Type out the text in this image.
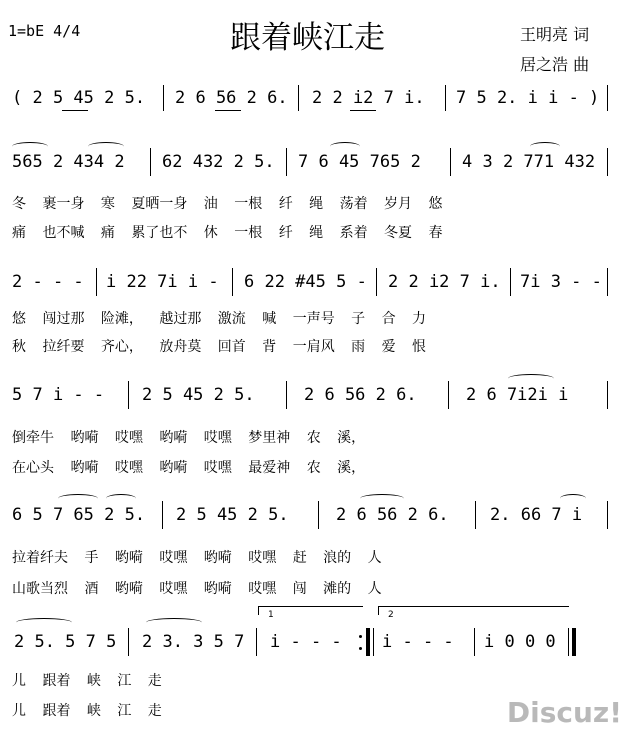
1=bE 4/4	跟着峡江走	王明亮 词
居之浩 曲
( 2 5 45 2 5. 2 6 56 2 6. 2 2 i2 7 i. 7 5 2. i i - )
565 2 434 2 62 432 2 5. 7 6 45 765 2 4 3 2 771 432
冬 裹一身 寒 夏晒一身 油 一根 纤 绳 荡着 岁月 悠
痛 也不喊 痛 累了也不 休 一根 纤 绳 系着 冬夏 春
2 - - - i 22 7i i - 6 22 #45 5 - 2 2 i2 7 i. 7i 3 - -
悠 闯过那 险滩， 越过那 激流 喊 一声号 子 合 力
秋 拉纤要 齐心， 放舟莫 回首 背 一肩风 雨 爱 恨
5 7 i - - 2 5 45 2 5.	2 6 56 2 6.	2 6 7i2i i
倒牵牛 哟嗬 哎嘿 哟嗬 哎嘿 梦里神 农 溪，
在心头 哟嗬 哎嘿 哟嗬 哎嘿 最爱神 农 溪，
6 5 7 65 2 5. 2 5 45 2 5.	2 6 56 2 6. 2. 66 7 i
拉着纤夫 手 哟嗬 哎嘿 哟嗬 哎嘿 赶 浪的 人
山歌当烈 酒 哟嗬 哎嘿 哟嗬 哎嘿 闯 滩的 人
1	2
2 5. 5 7 5 2 3. 3 5 7 i - - - i - - - i 0 0 0
儿 跟着 峡 江 走
儿 跟着 峡 江 走	Discuz!
